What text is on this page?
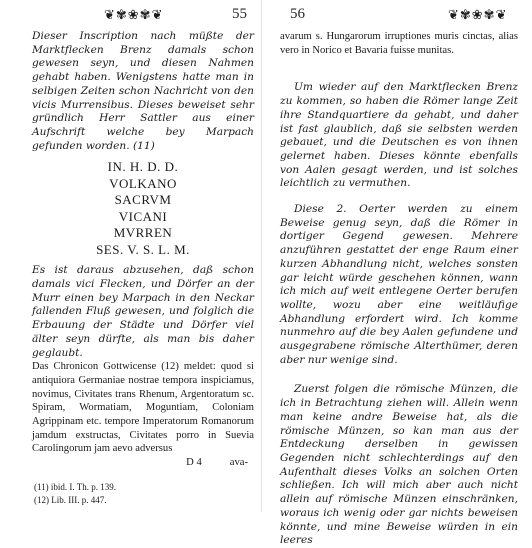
❦✾❀✾❦	55

Dieser Inscription nach müßte der Marktflecken Brenz damals schon gewesen seyn, und diesen Nahmen gehabt haben. Wenigstens hatte man in selbigen Zeiten schon Nachricht von den vicis Murrensibus. Dieses beweiset sehr gründlich Herr Sattler aus einer Aufschrift welche bey Marpach gefunden worden. (11)

IN. H. D. D.
VOLKANO
SACRVM
VICANI
MVRREN
SES. V. S. L. M.

Es ist daraus abzusehen, daß schon damals vici Flecken, und Dörfer an der Murr einen bey Marpach in den Neckar fallenden Fluß gewesen, und folglich die Erbauung der Städte und Dörfer viel älter seyn dürfte, als man bis daher geglaubt.

Das Chronicon Gottwicense (12) meldet: quod si antiquiora Germaniae nostrae tempora inspiciamus, novimus, Civitates trans Rhenum, Argentoratum sc. Spiram, Wormatiam, Moguntiam, Coloniam Agrippinam etc. tempore Imperatorum Romanorum jamdum exstructas, Civitates porro in Suevia Carolingorum jam aevo adversus

D 4	ava-
(11) ibid. I. Th. p. 139.
(12) Lib. III. p. 447.
56	❦✾❀✾❦

avarum s. Hungarorum irruptiones muris cinctas, alias vero in Norico et Bavaria fuisse munitas.

Um wieder auf den Marktflecken Brenz zu kommen, so haben die Römer lange Zeit ihre Standquartiere da gehabt, und daher ist fast glaublich, daß sie selbsten werden gebauet, und die Deutschen es von ihnen gelernet haben. Dieses könnte ebenfalls von Aalen gesagt werden, und ist solches leichtlich zu vermuthen.

Diese 2. Oerter werden zu einem Beweise genug seyn, daß die Römer in dortiger Gegend gewesen. Mehrere anzuführen gestattet der enge Raum einer kurzen Abhandlung nicht, welches sonsten gar leicht würde geschehen können, wann ich mich auf weit entlegene Oerter berufen wollte, wozu aber eine weitläufige Abhandlung erfordert wird. Ich komme nunmehro auf die bey Aalen gefundene und ausgegrabene römische Alterthümer, deren aber nur wenige sind.

Zuerst folgen die römische Münzen, die ich in Betrachtung ziehen will. Allein wenn man keine andre Beweise hat, als die römische Münzen, so kan man aus der Entdeckung derselben in gewissen Gegenden nicht schlechterdings auf den Aufenthalt dieses Volks an solchen Orten schließen. Ich will mich aber auch nicht allein auf römische Münzen einschränken, woraus ich wenig oder gar nichts beweisen könnte, und mine Beweise würden in ein leeres
